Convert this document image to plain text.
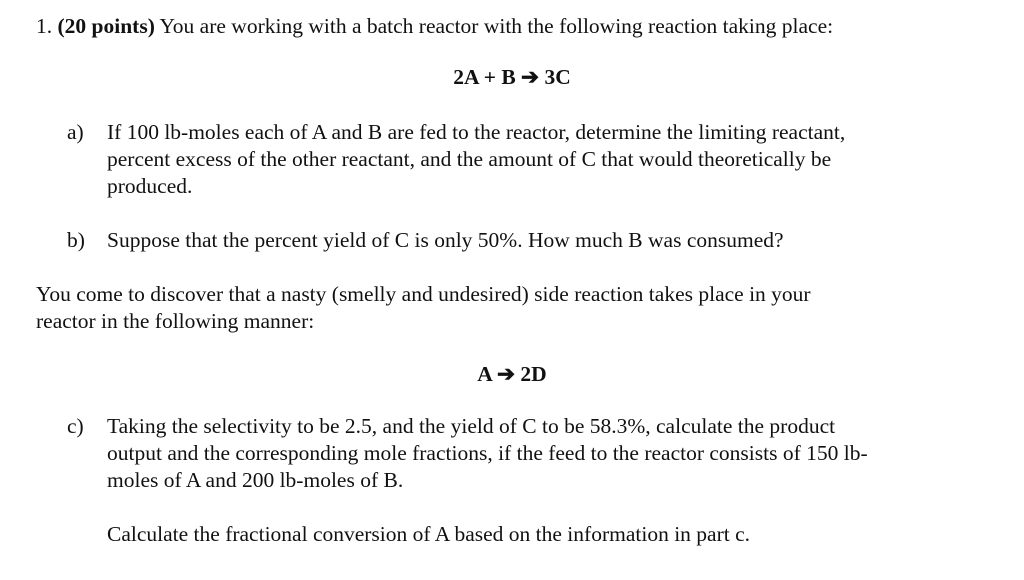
1. (20 points) You are working with a batch reactor with the following reaction taking place:
2A + B ➔ 3C
a) If 100 lb-moles each of A and B are fed to the reactor, determine the limiting reactant,
percent excess of the other reactant, and the amount of C that would theoretically be
produced.
b) Suppose that the percent yield of C is only 50%. How much B was consumed?
You come to discover that a nasty (smelly and undesired) side reaction takes place in your
reactor in the following manner:
A ➔ 2D
c) Taking the selectivity to be 2.5, and the yield of C to be 58.3%, calculate the product
output and the corresponding mole fractions, if the feed to the reactor consists of 150 lb-
moles of A and 200 lb-moles of B.
Calculate the fractional conversion of A based on the information in part c.
